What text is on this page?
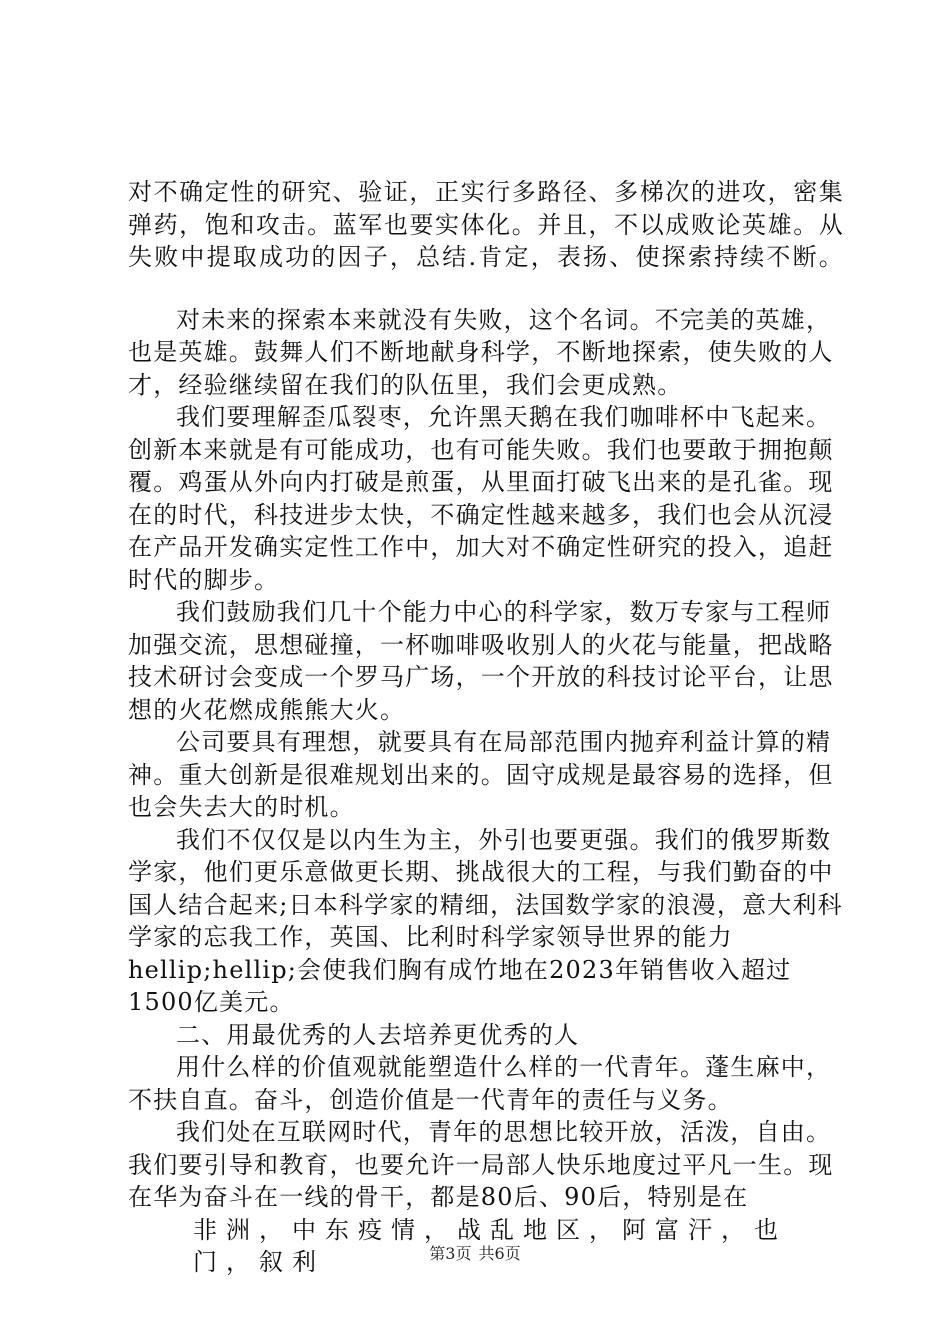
对不确定性的研究、验证，正实行多路径、多梯次的进攻，密集弹药，饱和攻击。蓝军也要实体化。并且，不以成败论英雄。从失败中提取成功的因子，总结.肯定，表扬、使探索持续不断。

对未来的探索本来就没有失败，这个名词。不完美的英雄，也是英雄。鼓舞人们不断地献身科学，不断地探索，使失败的人才，经验继续留在我们的队伍里，我们会更成熟。

我们要理解歪瓜裂枣，允许黑天鹅在我们咖啡杯中飞起来。创新本来就是有可能成功，也有可能失败。我们也要敢于拥抱颠覆。鸡蛋从外向内打破是煎蛋，从里面打破飞出来的是孔雀。现在的时代，科技进步太快，不确定性越来越多，我们也会从沉浸在产品开发确实定性工作中，加大对不确定性研究的投入，追赶时代的脚步。

我们鼓励我们几十个能力中心的科学家，数万专家与工程师加强交流，思想碰撞，一杯咖啡吸收别人的火花与能量，把战略技术研讨会变成一个罗马广场，一个开放的科技讨论平台，让思想的火花燃成熊熊大火。

公司要具有理想，就要具有在局部范围内抛弃利益计算的精神。重大创新是很难规划出来的。固守成规是最容易的选择，但也会失去大的时机。

我们不仅仅是以内生为主，外引也要更强。我们的俄罗斯数学家，他们更乐意做更长期、挑战很大的工程，与我们勤奋的中国人结合起来;日本科学家的精细，法国数学家的浪漫，意大利科学家的忘我工作，英国、比利时科学家领导世界的能力hellip;hellip;会使我们胸有成竹地在2023年销售收入超过1500亿美元。

二、用最优秀的人去培养更优秀的人

用什么样的价值观就能塑造什么样的一代青年。蓬生麻中，不扶自直。奋斗，创造价值是一代青年的责任与义务。

我们处在互联网时代，青年的思想比较开放，活泼，自由。我们要引导和教育，也要允许一局部人快乐地度过平凡一生。现在华为奋斗在一线的骨干，都是80后、90后，特别是在

非洲，中东疫情，战乱地区，阿富汗，也门，叙利	第3页 共6页
